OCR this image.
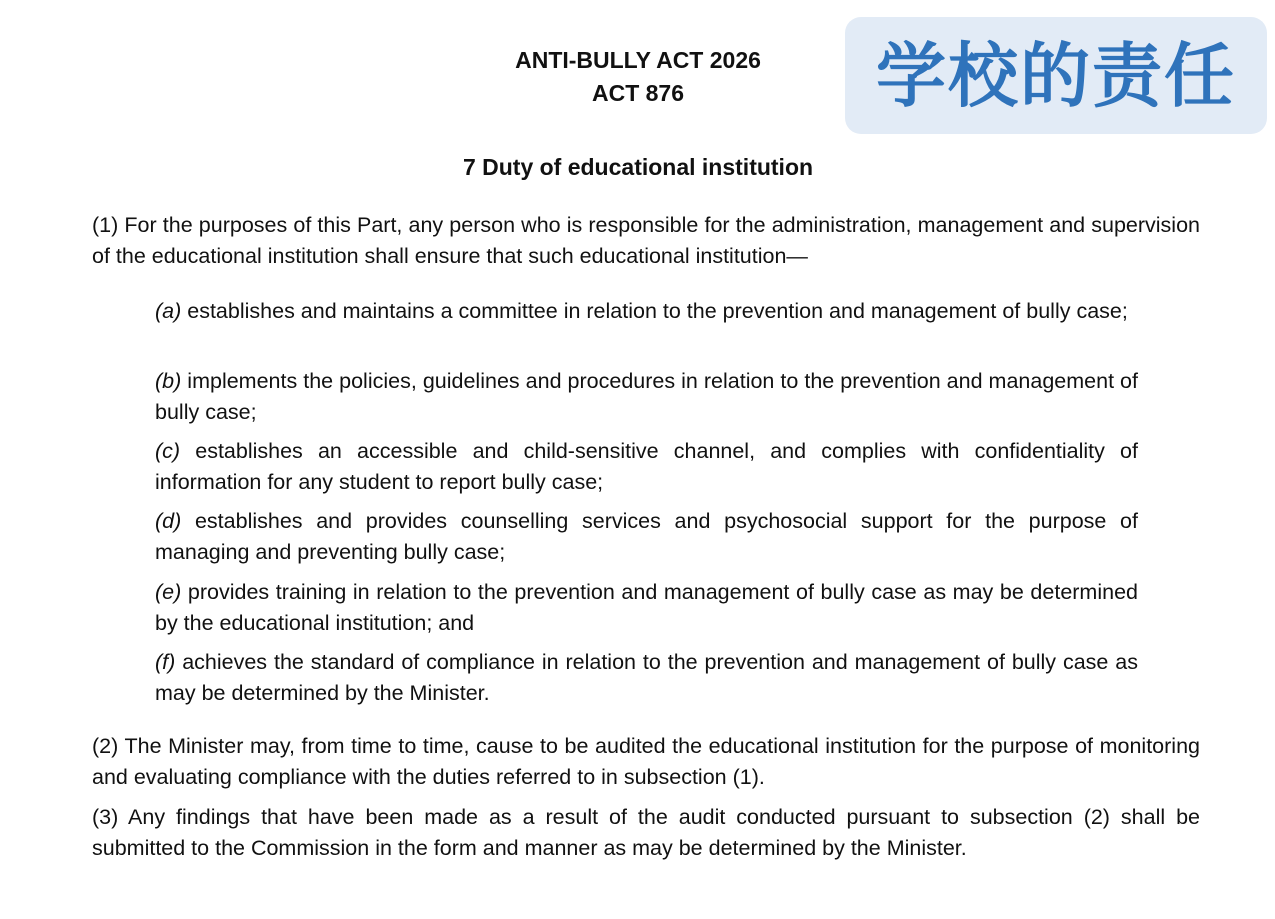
ANTI-BULLY ACT 2026
ACT 876	学校的责任
7 Duty of educational institution

(1) For the purposes of this Part, any person who is responsible for the administration, management and supervision of the educational institution shall ensure that such educational institution—

(a) establishes and maintains a committee in relation to the prevention and management of bully case;

(b) implements the policies, guidelines and procedures in relation to the prevention and management of bully case;

(c) establishes an accessible and child-sensitive channel, and complies with confidentiality of information for any student to report bully case;

(d) establishes and provides counselling services and psychosocial support for the purpose of managing and preventing bully case;

(e) provides training in relation to the prevention and management of bully case as may be determined by the educational institution; and

(f) achieves the standard of compliance in relation to the prevention and management of bully case as may be determined by the Minister.

(2) The Minister may, from time to time, cause to be audited the educational institution for the purpose of monitoring and evaluating compliance with the duties referred to in subsection (1).

(3) Any findings that have been made as a result of the audit conducted pursuant to subsection (2) shall be submitted to the Commission in the form and manner as may be determined by the Minister.
